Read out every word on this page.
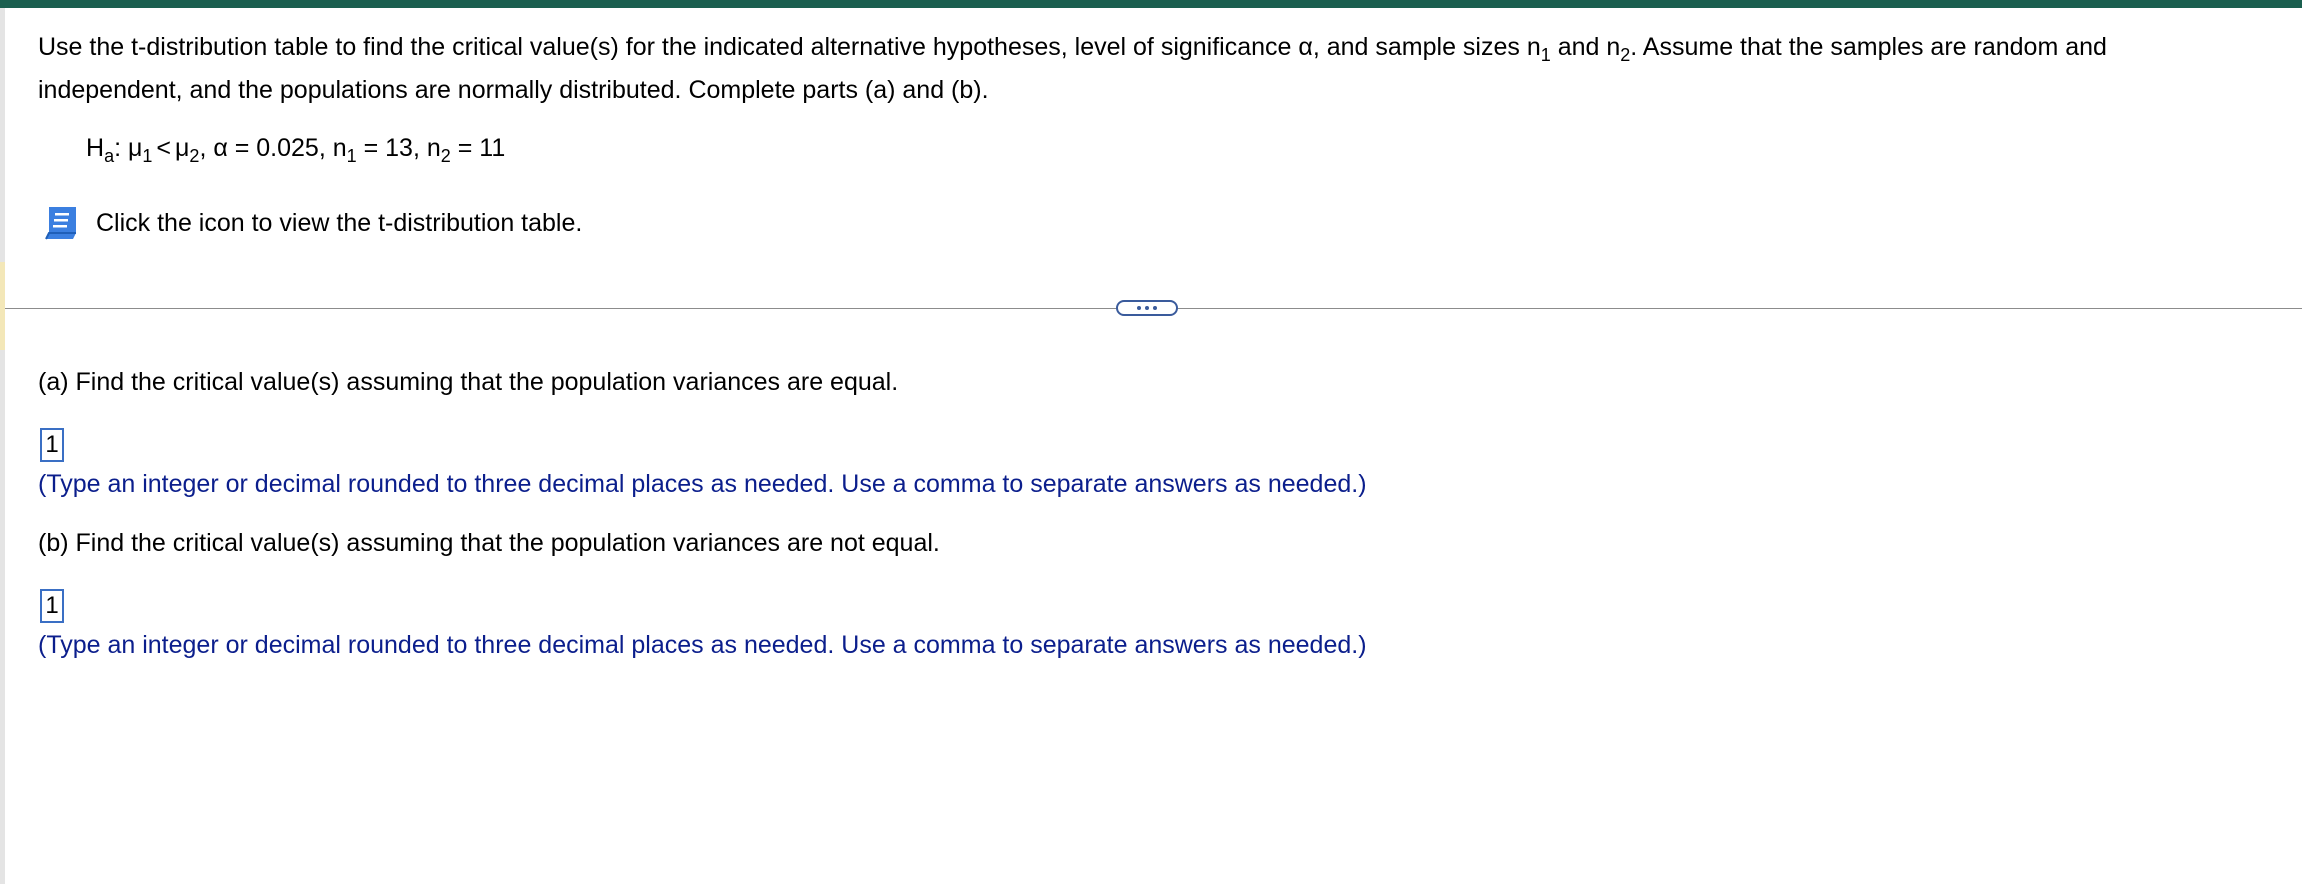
Use the t-distribution table to find the critical value(s) for the indicated alternative hypotheses, level of significance α, and sample sizes $n_1$ and $n_2$. Assume that the samples are random and independent, and the populations are normally distributed. Complete parts (a) and (b).
$H_a$: $\mu_1 < \mu_2$, α = 0.025, $n_1 = 13$, $n_2 = 11$
Click the icon to view the t-distribution table.
(a) Find the critical value(s) assuming that the population variances are equal.
1
(Type an integer or decimal rounded to three decimal places as needed. Use a comma to separate answers as needed.)
(b) Find the critical value(s) assuming that the population variances are not equal.
1
(Type an integer or decimal rounded to three decimal places as needed. Use a comma to separate answers as needed.)
